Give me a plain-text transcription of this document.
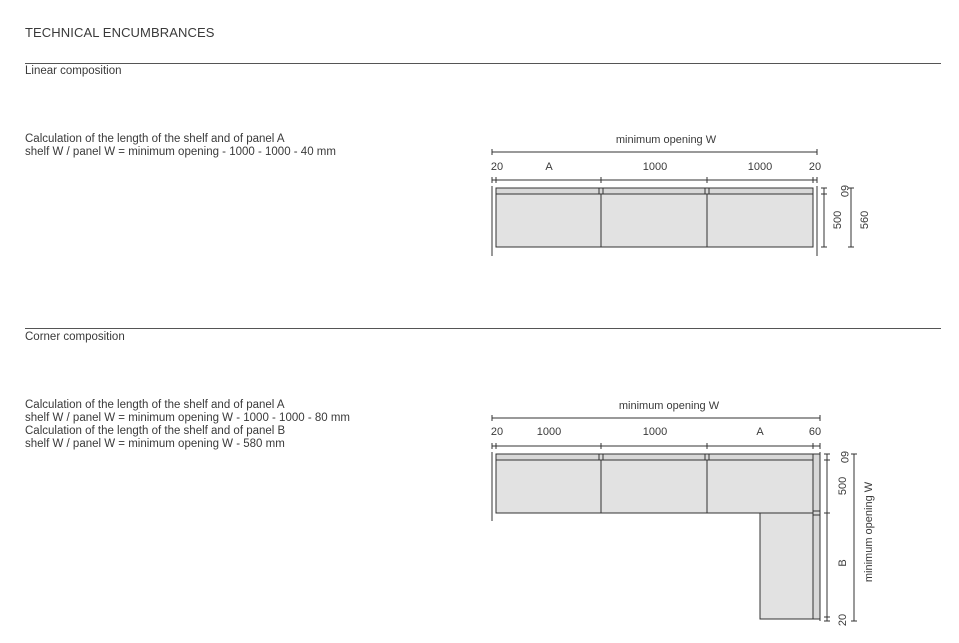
TECHNICAL ENCUMBRANCES
Linear composition
Calculation of the length of the shelf and of panel A
shelf W / panel W = minimum opening - 1000 - 1000 - 40 mm
minimum opening W
20	A	1000	1000	20
60
500 560
Corner composition
Calculation of the length of the shelf and of panel A
shelf W / panel W = minimum opening W - 1000 - 1000 - 80 mm
Calculation of the length of the shelf and of panel B
shelf W / panel W = minimum opening W - 580 mm
minimum opening W
20	1000	1000	A	60
60
500
B
20
minimum opening W
